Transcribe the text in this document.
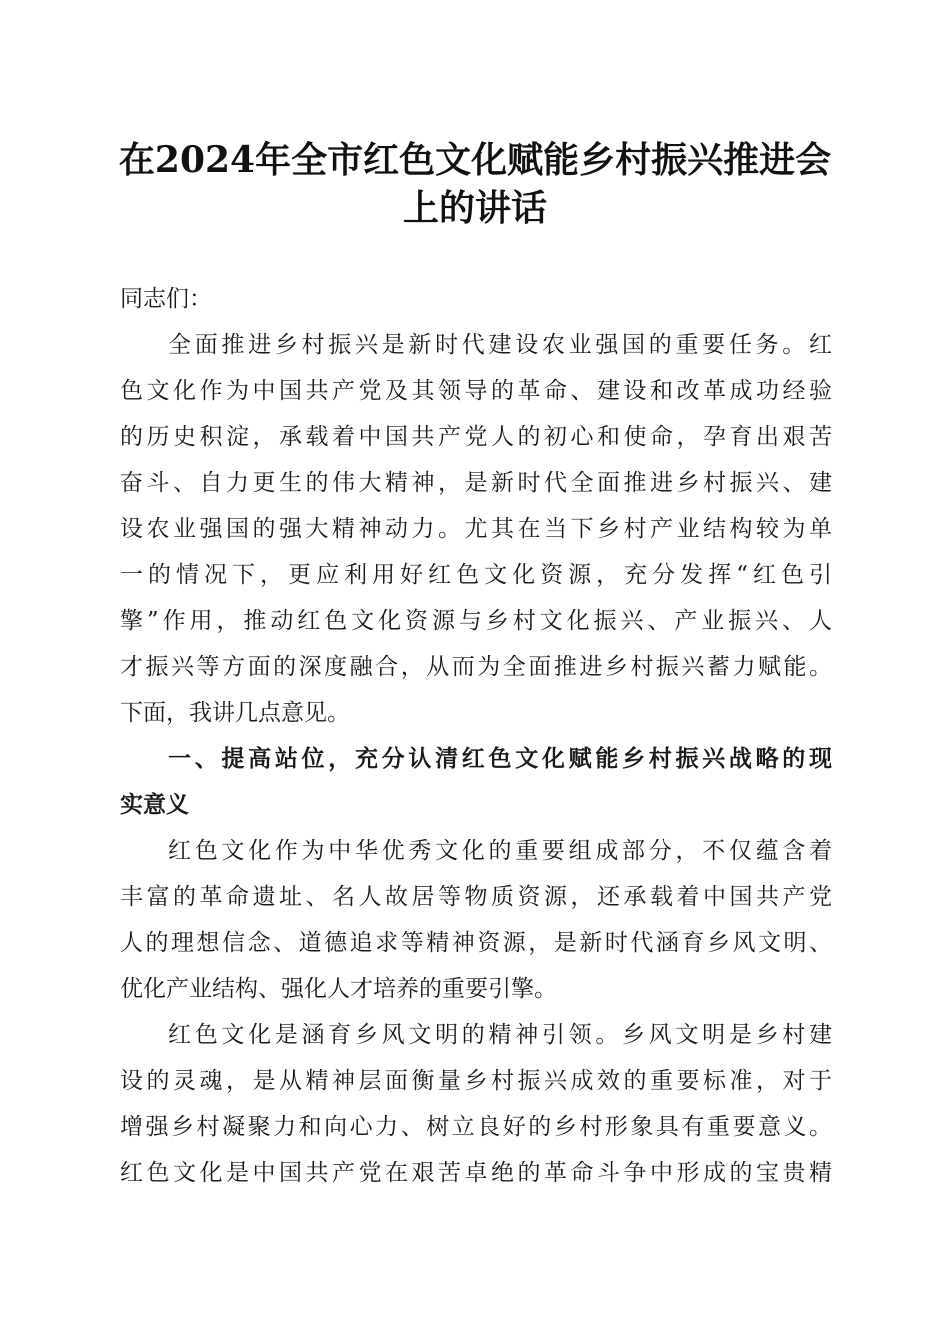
在2024年全市红色文化赋能乡村振兴推进会
上的讲话
同志们：
全面推进乡村振兴是新时代建设农业强国的重要任务。红
色文化作为中国共产党及其领导的革命、建设和改革成功经验
的历史积淀，承载着中国共产党人的初心和使命，孕育出艰苦
奋斗、自力更生的伟大精神，是新时代全面推进乡村振兴、建
设农业强国的强大精神动力。尤其在当下乡村产业结构较为单
一的情况下，更应利用好红色文化资源，充分发挥“红色引
擎”作用，推动红色文化资源与乡村文化振兴、产业振兴、人
才振兴等方面的深度融合，从而为全面推进乡村振兴蓄力赋能。
下面，我讲几点意见。
一、提高站位，充分认清红色文化赋能乡村振兴战略的现
实意义
红色文化作为中华优秀文化的重要组成部分，不仅蕴含着
丰富的革命遗址、名人故居等物质资源，还承载着中国共产党
人的理想信念、道德追求等精神资源，是新时代涵育乡风文明、
优化产业结构、强化人才培养的重要引擎。
红色文化是涵育乡风文明的精神引领。乡风文明是乡村建
设的灵魂，是从精神层面衡量乡村振兴成效的重要标准，对于
增强乡村凝聚力和向心力、树立良好的乡村形象具有重要意义。
红色文化是中国共产党在艰苦卓绝的革命斗争中形成的宝贵精
